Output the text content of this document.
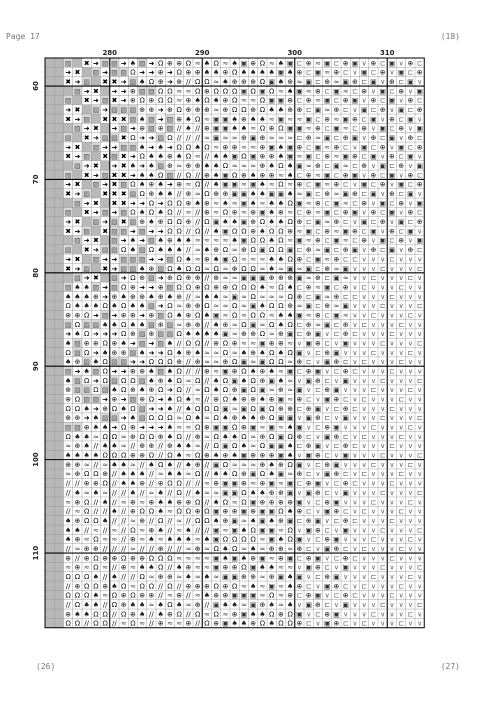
Page 17	(18)
(26)	(27)
▨ ✖ ➜ ▨ ▨ ➜ ♠ ▨ ➜ Ω ⊕ ⊕ Ω ≈ ♠ Ω ≈ ♠ ▣ ⊕ Ω ≈ ♠ ▣ ⊏ ⊕ ≈ ▣ ⊏ ⊕ ▣ ∨ ⊕ ⊏ ▣ ∨ ⊕ ⊏
➜ ✖ ▨ ➜ ▨ ▨ Ω ➜ ➜ ⊕ ➜ Ω ⊕ ⊕ ♠ ♠ ⊕ Ω ♠ ♠ ♠ ♠ ▣ ♠ ⊕ ⊏ ▣ ≈ ⊕ ⊏ ∨ ▣ ⊏ ⊕ ∨ ▣ ⊏ ⊕
✖ ➜ ▨ ✖ ✖ ➜ ▨ ♠ Ω ⊕ ➜ ⊕ // Ω Ω ≈ ♠ ⊕ ⊕ ⊕ Ω ▣ ♠ ⊕ ≈ ▣ ⊏ ⊕ ≈ ▣ ⊕ ⊏ ▣ ∨ ⊕ ⊏ ▣ ∨
▨ ➜ ✖ ➜ ➜ ⊕ ▨ ▨ Ω Ω ≈ ≈ Ω ⊕ Ω Ω Ω ▣ Ω ▣ Ω ≈ ♠ ▣ ≈ ⊕ ⊏ ▣ ≈ ⊏ ⊕ ∨ ▣ ⊏ ⊕ ∨ ▣
▨ ✖ ➜ ▨ ✖ ➜ ⊕ Ω ⊕ Ω Ω ≈ ⊕ ♠ Ω ♠ ⊕ Ω ≈ ≈ Ω ▣ ▣ ⊕ ⊏ ⊕ ≈ ▣ ⊏ ⊕ ▣ ∨ ⊕ ⊏ ▣ ∨ ⊕ ⊏
➜ ✖ ▨ ➜ ▨ ▨ ▨ ⊕ ⊕ ➜ ⊕ Ω ⊕ ⊕ ⊕ ≈ ⊕ Ω Ω ⊕ Ω ♠ ♠ ⊕ ⊕ ⊏ ▣ ≈ ⊕ ⊏ ∨ ▣ ⊏ ⊕ ∨ ▣ ⊏ ⊕
✖ ➜ ▨ ✖ ✖ ✖ ▨ ♠ ▨ ➜ ▨ ⊕ ♠ Ω ≈ ▣ ▣ ♠ ⊕ ♠ ♠ ≈ ▣ ≈ ≈ ▣ ⊏ ⊕ ≈ ▣ ⊕ ⊏ ▣ ∨ ⊕ ⊏ ▣ ∨
▨ ➜ ✖ ➜ ▨ ➜ ⊕ ▨ ⊕ ▨ // ♠ // ⊕ ▣ ▣ ♠ ♠ ≈ Ω ⊕ Ω ▣ ▣ ≈ ⊕ ⊏ ▣ ≈ ⊏ ⊕ ∨ ▣ ⊏ ⊕ ∨ ▣
▨ ✖ ➜ ▨ ▨ ✖ Ω ➜ ➜ ▨ Ω // // // ≈ ▣ ≈ ≈ ⊕ ▣ ⊕ ≈ ≈ ≈ ⊏ ⊕ ≈ ▣ ⊏ ⊕ ▣ ∨ ⊕ ⊏ ▣ ∨ ⊕ ⊏
➜ ✖ ▨ ➜ ➜ ▨ ▨ ♠ ➜ ♠ ➜ Ω Ω ♠ Ω ≈ ⊕ ⊕ ≈ ≈ ⊕ ▣ ♠ ▣ ⊕ ⊏ ▣ ≈ ⊕ ⊏ ∨ ▣ ⊏ ⊕ ∨ ▣ ⊏ ⊕
✖ ➜ ▨ ✖ ▨ ✖ ➜ Ω ♠ ♠ ⊕ ♠ Ω ≈ // ♠ ♠ ▣ Ω ▣ ⊕ ⊕ ♠ ▣ ≈ ▣ ⊏ ⊕ ≈ ▣ ⊕ ⊏ ▣ ∨ ⊕ ⊏ ▣ ∨
▨ ➜ ✖ ➜ ✖ ♠ ➜ ♠ ▨ ⊕ ≈ ⊕ ⊕ ♠ ♠ Ω ≈ ≈ ≈ ⊕ ♠ Ω ♠ ▣ ≈ ⊕ ⊏ ▣ ≈ ⊏ ⊕ ∨ ▣ ⊏ ⊕ ∨ ▣
▨ ✖ ➜ ▨ ✖ ✖ ➜ ♠ ♠ Ω ▨ // Ω // ⊕ ♠ ▣ Ω ⊕ ♠ ⊕ ⊕ ≈ ♠ ⊏ ⊕ ≈ ▣ ⊏ ⊕ ▣ ∨ ⊕ ⊏ ▣ ∨ ⊕ ⊏
➜ ✖ ▨ ➜ ✖ ▨ Ω ♠ ⊕ ♠ ➜ ⊕ ≈ Ω // ♠ ▣ ▣ ≈ ▣ ♠ ≈ Ω ≈ ⊕ ⊏ ▣ ≈ ⊕ ⊏ ∨ ▣ ⊏ ⊕ ∨ ▣ ⊏ ⊕
✖ ➜ ▨ ✖ ✖ ✖ ▨ Ω ⊕ ♠ ♠ // ⊕ ≈ Ω ⊕ ⊕ ▣ ▣ ♠ ♠ ▣ ▣ ♠ ≈ ▣ ⊏ ⊕ ≈ ▣ ⊕ ⊏ ▣ ∨ ⊕ ⊏ ▣ ∨
▨ ➜ ✖ ✖ ✖ ➜ ➜ Ω ➜ Ω Ω ⊕ ♠ ⊕ ≈ ♠ ≈ ▣ ♠ ≈ ♠ ♠ Ω ▣ ≈ ⊕ ⊏ ▣ ≈ ⊏ ⊕ ∨ ▣ ⊏ ⊕ ∨ ▣
▨ ✖ ➜ ▨ ➜ ▨ Ω ♠ Ω ♠ Ω // ≈ // ⊕ ≈ Ω ⊕ ≈ ⊕ ▣ ♠ ⊕ ≈ ⊏ ⊕ ≈ ▣ ⊏ ⊕ ▣ ∨ ⊕ ⊏ ▣ ∨ ⊕ ⊏
➜ ✖ ▨ ➜ ▨ ✖ ▨ ⊕ ♠ ⊕ Ω Ω ⊕ // Ω ▣ ♠ ♠ ▣ ⊕ Ω ♠ ♠ Ω ⊕ ⊏ ▣ ≈ ⊕ ⊏ ∨ ▣ ⊏ ⊕ ∨ ▣ ⊏ ⊕
✖ ➜ ▨ ✖ ▨ ▨ ➜ ▨ ➜ ➜ Ω Ω // Ω // ♠ ▣ Ω Ω ⊕ ♠ Ω Ω ⊕ ≈ ▣ ⊏ ⊕ ≈ ▣ ⊕ ⊏ ▣ ∨ ⊕ ⊏ ▣ ∨
▨ ➜ ✖ ▨ ➜ ♠ ➜ ▨ ♠ ⊕ ♠ ♠ ≈ ≈ ≈ ≈ ♠ ▣ Ω Ω ♠ Ω ≈ ▣ ≈ ⊕ ⊏ ▣ ≈ ⊏ ⊕ ∨ ▣ ⊏ ⊕ ∨ ▣
▨ ✖ ➜ ▨ ▨ Ω ♠ ▨ Ω ♠ ♠ ♠ // ≈ ♠ ⊕ Ω ≈ ⊕ Ω ▣ Ω Ω ▣ ⊏ ⊕ ≈ ▣ ⊏ ⊕ ▣ ∨ ⊕ ⊏ ▣ ∨ ⊕ ⊏
➜ ✖ ▨ ➜ ➜ ▨ ▨ ▨ ➜ ➜ ▨ Ω ♠ ≈ ⊕ ♠ ▣ Ω ≈ ≈ ≈ ♠ ♠ Ω ⊕ ⊏ ▣ ≈ ⊕ ⊏ ⊏ ∨ ∨ ∨ ⊏ ∨ ∨ ∨
✖ ➜ ▨ ✖ ➜ ▨ ▨ ♠ ⊕ ▨ Ω ♠ Ω Ω ≈ Ω ≈ ⊕ Ω Ω ≈ ♠ ≈ ▣ ≈ ▣ ⊏ ⊕ ≈ ▣ ∨ ∨ ∨ ⊏ ∨ ∨ ∨ ⊏
▨ ➜ ✖ ▨ ➜ Ω ⊕ ▨ ➜ ⊕ Ω ⊕ ⊕ // ⊕ ≈ ≈ ▣ ▣ ▣ ⊕ ⊕ ⊕ ▣ ≈ ⊕ ⊏ ▣ ≈ ∨ ∨ ⊏ ∨ ∨ ∨ ⊏ ∨
▨ ♠ ♠ ▨ ➜ ▨ Ω ⊕ ➜ ➜ ⊕ ▨ Ω Ω ⊕ Ω ⊕ ⊕ Ω Ω Ω ♠ ≈ Ω ♠ ⊏ ⊕ ≈ ▣ ⊏ ⊕ ∨ ⊏ ∨ ∨ ∨ ⊏ ∨ ∨
♠ ♠ ♠ ⊕ ➜ ⊕ ♠ ⊕ ⊕ ♠ ⊕ ♠ ⊕ // ≈ ♠ ♠ ≈ ▣ ≈ Ω ≈ ≈ ≈ Ω ⊕ ⊏ ▣ ≈ ⊕ ⊏ ⊏ ∨ ∨ ∨ ⊏ ∨ ∨ ∨
Ω ♠ ♠ ♠ Ω ♠ Ω ♠ ♠ ▨ ➜ Ω ≈ ⊕ ⊕ Ω ≈ ≈ Ω ≈ ▣ ♠ Ω Ω ⊕ ≈ ▣ ⊏ ⊕ ≈ ▣ ∨ ∨ ∨ ⊏ ∨ ∨ ∨ ⊏
⊕ ⊕ Ω ➜ ▨ ➜ ⊕ ⊕ ➜ ⊕ ▨ Ω ♠ ⊕ Ω ♠ ▣ ≈ Ω ≈ Ω Ω ≈ ♠ ♠ ▣ ≈ ⊕ ⊏ ▣ ≈ ∨ ∨ ⊏ ∨ ∨ ∨ ⊏ ∨
▨ Ω ▨ ▨ ♠ ♠ Ω ♠ ♠ ▨ ⊕ ▨ ≈ ⊕ ⊕ // ♠ ⊕ ≈ Ω ▣ ≈ Ω ♠ Ω ⊏ ⊕ ≈ ▣ ⊏ ⊕ ∨ ⊏ ∨ ∨ ∨ ⊏ ∨ ∨
➜ ♠ Ω ➜ ➜ ➜ Ω ⊕ ▨ ⊕ ▨ ▨ Ω ♠ ♠ ♠ ♠ ▣ ≈ ⊕ ⊕ Ω ≈ ⊕ ▣ ⊏ ⊕ ▣ ∨ ⊏ ⊕ ⊏ ∨ ∨ ∨ ⊏ ∨ ∨ ∨
♠ ▨ ⊕ ⊕ Ω ⊕ ♠ ➜ ▨ ➜ ▨ ♠ // Ω Ω // ⊕ Ω ⊕ ≈ ≈ ▣ ⊕ ⊕ ≈ ∨ ▣ ⊕ ⊏ ∨ ▣ ∨ ∨ ∨ ⊏ ∨ ∨ ∨ ⊏
Ω ▨ Ω ➜ ♠ ⊕ ⊕ ▨ ♠ ➜ ➜ Ω ♠ ⊕ ♠ ≈ ≈ Ω ≈ ♠ ⊕ ♠ Ω ♠ Ω ▣ ∨ ⊏ ⊕ ▣ ∨ ∨ ∨ ⊏ ∨ ∨ ∨ ⊏ ∨
♠ ⊕ ▨ ♠ Ω ▨ ▨ ➜ ➜ Ω Ω Ω ⊕ // ⊕ ≈ ≈ ⊕ Ω ▣ ≈ ▣ Ω Ω ≈ ⊕ ⊏ ∨ ▣ ⊕ ⊏ ∨ ⊏ ∨ ∨ ∨ ⊏ ∨ ∨
▨ ➜ ♠ ▨ Ω ➜ ➜ ⊕ ⊕ ♠ ▨ ♠ Ω // // ⊕ ≈ ▣ ⊕ Ω ♠ ⊕ ♠ ≈ ▣ ⊏ ⊕ ▣ ∨ ⊏ ⊕ ⊏ ∨ ∨ ∨ ⊏ ∨ ∨ ∨
♠ ▨ Ω ➜ Ω ▨ Ω Ω ▨ ♠ ⊕ ♠ Ω ≈ Ω // ♠ Ω ▣ ♠ Ω ⊕ ▣ ♠ ≈ ∨ ▣ ⊕ ⊏ ∨ ▣ ∨ ∨ ∨ ⊏ ∨ ∨ ∨ ⊏
⊕ ▨ ▨ Ω ▨ ♠ Ω ⊕ ♠ ⊕ Ω ➜ Ω // ≈ Ω ♠ Ω ⊕ ▣ Ω ▣ ≈ ⊕ ≈ ▣ ∨ ⊏ ⊕ ▣ ∨ ∨ ∨ ⊏ ∨ ∨ ∨ ⊏ ∨
⊕ Ω ▨ ▨ ➜ ⊕ ➜ ▨ ⊕ Ω ➜ ♠ Ω ♠ ≈ // ⊕ Ω ♠ ⊕ ⊕ ♠ ⊕ ▣ ≈ ⊕ ⊏ ∨ ▣ ⊕ ⊏ ∨ ⊏ ∨ ∨ ∨ ⊏ ∨ ∨
Ω Ω ♠ ➜ ⊕ Ω ♠ Ω ▨ ➜ ➜ ♠ // ♠ Ω Ω Ω ▣ ≈ ▣ Ω ▣ Ω ⊕ ⊕ ⊏ ⊕ ▣ ∨ ⊏ ⊕ ⊏ ∨ ∨ ∨ ⊏ ∨ ∨ ∨
⊕ ⊕ ➜ ♠ ▨ ▨ ➜ ♠ ▨ Ω Ω Ω ≈ Ω ♠ ≈ Ω ♠ ⊕ ♠ ♠ ⊕ Ω ▣ ▣ ∨ ▣ ⊕ ⊏ ∨ ▣ ∨ ∨ ∨ ⊏ ∨ ∨ ∨ ⊏
▨ ▨ ⊕ ♠ ♠ ➜ Ω ⊕ ➜ ➜ ➜ ♠ ≈ ≈ Ω ⊕ ▣ ▣ Ω ⊕ ▣ ≈ ▣ ≈ ♠ ▣ ∨ ⊏ ⊕ ▣ ∨ ∨ ∨ ⊏ ∨ ∨ ∨ ⊏ ∨
Ω ♠ ♠ ≈ Ω Ω ≈ ⊕ Ω Ω ⊕ ♠ Ω // ⊕ ≈ Ω ♠ ♠ Ω ≈ ⊕ Ω ▣ Ω ⊕ ⊏ ∨ ▣ ⊕ ⊏ ∨ ⊏ ∨ ∨ ∨ ⊏ ∨ ∨
≈ ⊕ ♠ // ♠ ♠ ≈ // ⊕ ⊕ // ⊕ ♠ ♠ ≈ // Ω ▣ Ω ♠ ≈ Ω ▣ ▣ ♠ ⊏ ⊕ ▣ ∨ ⊏ ⊕ ⊏ ∨ ∨ ∨ ⊏ ∨ ∨ ∨
♠ ♠ ♠ ♠ Ω Ω Ω ⊕ ⊕ Ω // Ω ♠ ≈ Ω ⊕ ♠ ⊕ ♠ ▣ ⊕ ⊕ ⊕ ▣ ♠ ∨ ▣ ⊕ ⊏ ∨ ▣ ∨ ∨ ∨ ⊏ ∨ ∨ ∨ ⊏
⊕ ⊕ ≈ // ≈ ♠ ♠ ≈ // ♠ Ω ♠ // ♠ ⊕ // ▣ Ω ≈ ≈ ≈ ⊕ ♠ ⊕ Ω ▣ ∨ ⊏ ⊕ ▣ ∨ ∨ ∨ ⊏ ∨ ∨ ∨ ⊏ ∨
≈ ⊕ Ω Ω ⊕ // ♠ ♠ ♠ // ≈ ♠ ♠ ≈ Ω // ♠ ♠ Ω ⊕ ▣ Ω ♠ ▣ ≈ ⊕ ⊏ ∨ ▣ ⊕ ⊏ ∨ ⊏ ∨ ∨ ∨ ⊏ ∨ ∨
// // ⊕ ⊕ Ω // ♠ ♠ ⊕ // ⊕ Ω Ω // // ≈ ⊕ ▣ ▣ ⊕ ≈ ⊕ ▣ ≈ ▣ ⊏ ⊕ ▣ ∨ ⊏ ⊕ ⊏ ∨ ∨ ∨ ⊏ ∨ ∨ ∨
// ♠ ≈ ♠ ≈ // // ♠ // ≈ ♠ // Ω // ♠ ≈ ≈ ▣ ▣ Ω ♠ ♠ ⊕ ⊕ ▣ ∨ ▣ ⊕ ⊏ ∨ ▣ ∨ ∨ ∨ ⊏ ∨ ∨ ∨ ⊏
≈ ⊕ Ω // ♠ // ≈ ⊕ ≈ ⊕ ♠ ♠ ⊕ ⊕ Ω // ♠ Ω ≈ Ω ▣ ⊕ ⊕ ⊕ ⊕ ▣ ∨ ⊏ ⊕ ▣ ∨ ∨ ∨ ⊏ ∨ ∨ ∨ ⊏ ∨
// ≈ Ω // // ♠ // ⊕ Ω Ω ♠ ≈ Ω Ω ⊕ Ω ▣ ⊕ ⊕ ▣ ⊕ ▣ ▣ Ω ♠ ⊕ ⊏ ∨ ▣ ⊕ ⊏ ∨ ⊏ ∨ ∨ ∨ ⊏ ∨ ∨
♠ ⊕ Ω Ω ♠ // // ≈ ⊕ // Ω // ≈ // Ω Ω ♠ ⊕ ▣ ≈ ♠ ▣ ♠ ⊕ ▣ ⊏ ⊕ ▣ ∨ ⊏ ⊕ ⊏ ∨ ∨ ∨ ⊏ ∨ ∨ ∨
♠ ♠ // ≈ // ≈ // Ω ≈ ⊕ ♠ // ≈ ♠ // // ▣ ≈ ▣ ♠ Ω ▣ ▣ ≈ Ω ∨ ▣ ⊕ ⊏ ∨ ▣ ∨ ∨ ∨ ⊏ ∨ ∨ ∨ ⊏
♠ ⊕ ≈ Ω ≈ ≈ // ⊕ ≈ ♠ ≈ ♠ ♠ ♠ ≈ ♠ ▣ Ω Ω Ω Ω ≈ ▣ ♠ Ω ▣ ∨ ⊏ ⊕ ▣ ∨ ∨ ∨ ⊏ ∨ ∨ ∨ ⊏ ∨
// ≈ ⊕ ⊕ // // // ≈ // // ⊕ // // ≈ ⊕ ≈ Ω ♠ Ω ≈ ♠ ≈ ⊕ ⊕ ≈ ⊕ ⊏ ∨ ▣ ⊕ ⊏ ∨ ⊏ ∨ ∨ ∨ ⊏ ∨ ∨
⊕ // ⊕ Ω ⊕ ⊕ Ω ⊕ ⊕ Ω Ω Ω ≈ ≈ ≈ ≈ ▣ ♠ ▣ ♠ ⊕ ▣ ≈ ⊕ ▣ ⊏ ⊕ ▣ ∨ ⊏ ⊕ ⊏ ∨ ∨ ∨ ⊏ ∨ ∨ ∨
≈ ⊕ ≈ Ω ≈ // ⊕ ≈ ♠ ♠ Ω // ♠ ⊕ ≈ ≈ ▣ ⊕ ⊕ Ω ▣ ♠ ♠ ≈ ≈ ∨ ▣ ⊕ ⊏ ∨ ▣ ∨ ∨ ∨ ⊏ ∨ ∨ ∨ ⊏
Ω Ω Ω ♠ // ♠ // // Ω ≈ ⊕ ⊕ ≈ ♠ ≈ ♠ ≈ ▣ ▣ ⊕ ⊕ ≈ ⊕ ▣ ♠ ▣ ∨ ⊏ ⊕ ▣ ∨ ∨ ∨ ⊏ ∨ ∨ ∨ ⊏ ∨
// ⊕ Ω Ω ⊕ ♠ Ω ≈ Ω Ω // Ω // ⊕ ⊕ ⊕ Ω ⊕ Ω ≈ ♠ ≈ ▣ ≈ ♠ ⊕ ⊏ ∨ ▣ ⊕ ⊏ ∨ ⊏ ∨ ∨ ∨ ⊏ ∨ ∨
Ω Ω Ω ♠ ≈ Ω ⊕ Ω ⊕ ⊕ // ≈ ⊕ // ≈ ♠ ⊕ ⊕ ▣ ▣ ▣ ≈ Ω ≈ ⊕ ⊏ ⊕ ▣ ∨ ⊏ ⊕ ⊏ ∨ ∨ ∨ ⊏ ∨ ∨ ∨
// Ω ♠ ♠ // Ω ⊕ ♠ ♠ ≈ ♠ Ω ♠ ≈ ⊕ // ▣ ♠ ♠ ≈ ▣ ⊕ ♠ ≈ ♠ ∨ ▣ ⊕ ⊏ ∨ ▣ ∨ ∨ ∨ ⊏ ∨ ∨ ∨ ⊏
⊕ ♠ ♠ Ω Ω // Ω ⊕ ♠ // ♠ ⊕ Ω // Ω ≈ Ω ≈ ⊕ ▣ ♠ ♠ Ω ⊕ Ω ▣ ∨ ⊏ ⊕ ▣ ∨ ∨ ∨ ⊏ ∨ ∨ ∨ ⊏ ∨
Ω Ω // Ω Ω // ≈ Ω ≈ // ⊕ ≈ ≈ ⊕ // Ω ⊕ ▣ ♠ ♠ ⊕ Ω ♠ Ω Ω ⊕ ⊏ ∨ ▣ ⊕ ⊏ ∨ ⊏ ∨ ∨ ∨ ⊏ ∨ ∨
280	290	300	310
60
70
80
90
100
110
